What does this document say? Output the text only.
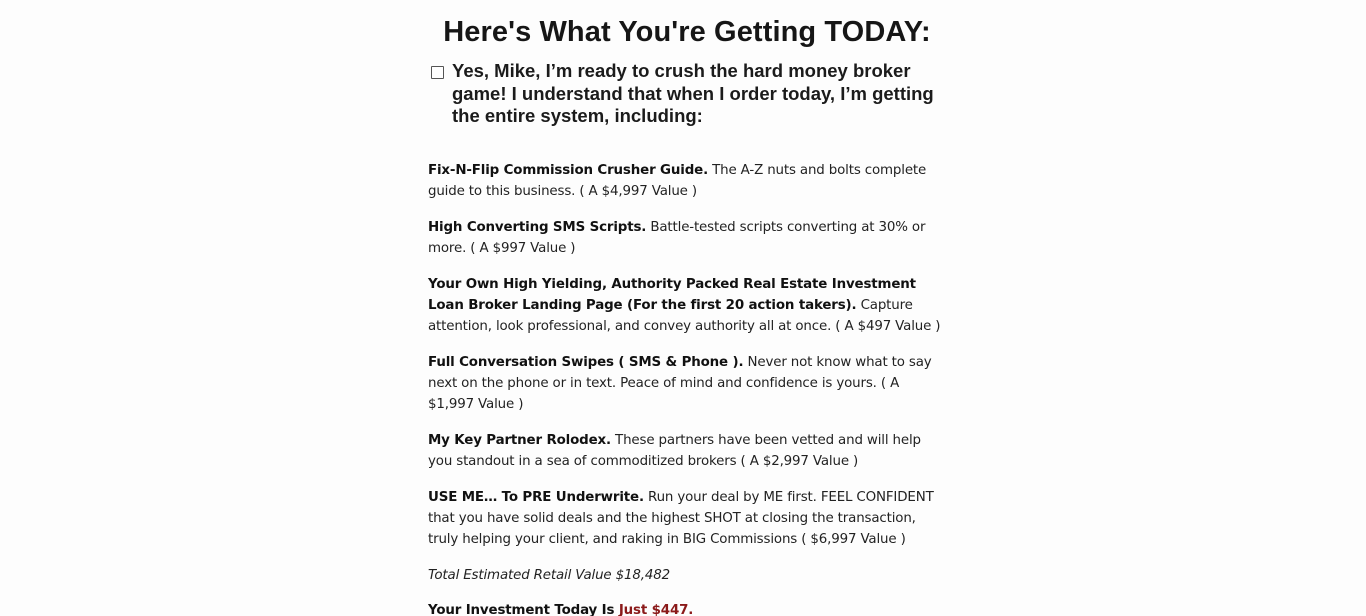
Here's What You're Getting TODAY:
Yes, Mike, I’m ready to crush the hard money broker game! I understand that when I order today, I’m getting the entire system, including:

Fix-N-Flip Commission Crusher Guide. The A-Z nuts and bolts complete guide to this business. ( A $4,997 Value )

High Converting SMS Scripts. Battle-tested scripts converting at 30% or more. ( A $997 Value )

Your Own High Yielding, Authority Packed Real Estate Investment Loan Broker Landing Page (For the first 20 action takers). Capture attention, look professional, and convey authority all at once. ( A $497 Value )

Full Conversation Swipes ( SMS & Phone ). Never not know what to say next on the phone or in text. Peace of mind and confidence is yours. ( A $1,997 Value )

My Key Partner Rolodex. These partners have been vetted and will help you standout in a sea of commoditized brokers ( A $2,997 Value )

USE ME… To PRE Underwrite. Run your deal by ME first. FEEL CONFIDENT that you have solid deals and the highest SHOT at closing the transaction, truly helping your client, and raking in BIG Commissions ( $6,997 Value )

Total Estimated Retail Value $18,482

Your Investment Today Is Just $447.
